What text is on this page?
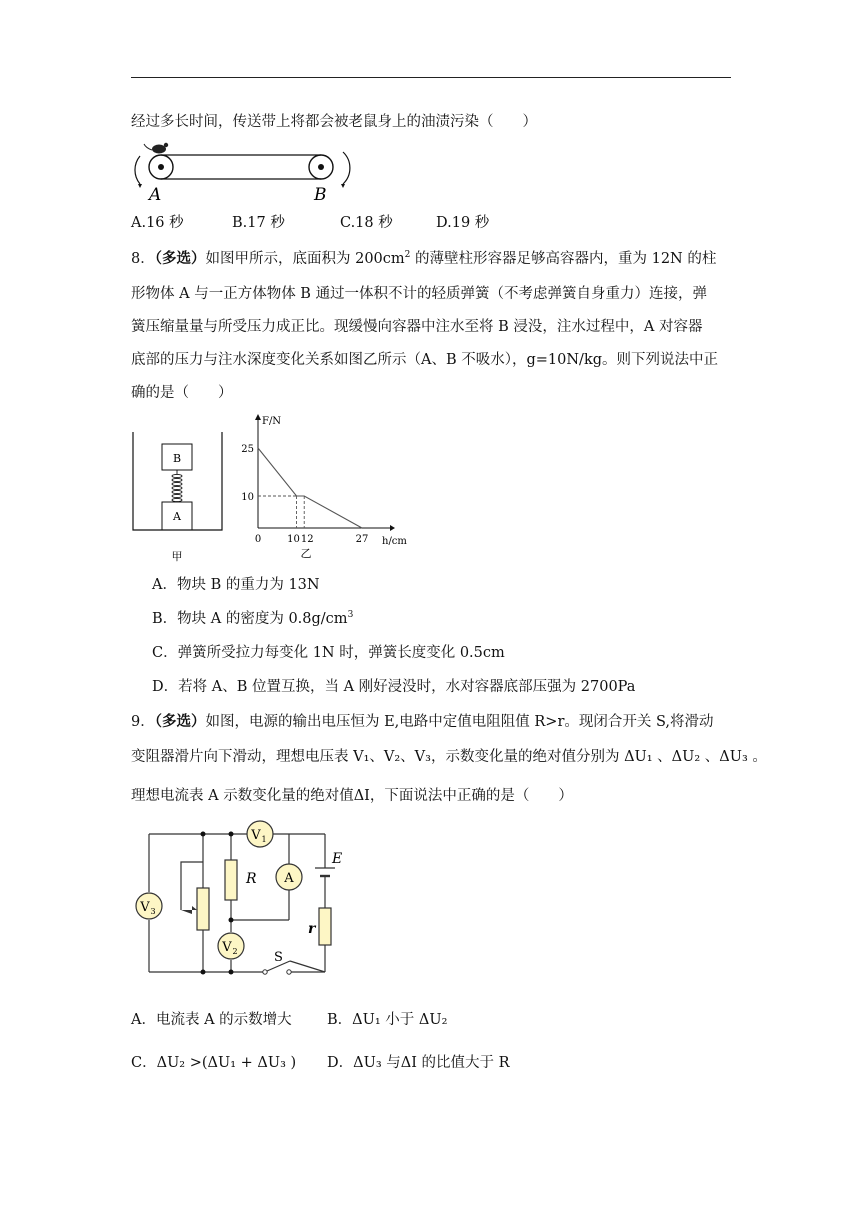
经过多长时间，传送带上将都会被老鼠身上的油渍污染（　　）
A	B
A.16 秒	B.17 秒	C.18 秒	D.19 秒
8．（多选）如图甲所示，底面积为 $200cm^2$ 的薄壁柱形容器足够高容器内，重为 12N 的柱
形物体 A 与一正方体物体 B 通过一体积不计的轻质弹簧（不考虑弹簧自身重力）连接，弹
簧压缩量量与所受压力成正比。现缓慢向容器中注水至将 B 浸没，注水过程中，A 对容器
底部的压力与注水深度变化关系如图乙所示（A、B 不吸水），g=10N/kg。则下列说法中正
确的是（　　）
B
A
甲
F/N
h/cm
25
10
0	10 12	27
乙
A．物块 B 的重力为 13N
B．物块 A 的密度为 $0.8g/cm^3$
C．弹簧所受拉力每变化 1N 时，弹簧长度变化 0.5cm
D．若将 A、B 位置互换，当 A 刚好浸没时，水对容器底部压强为 2700Pa
9．（多选）如图，电源的输出电压恒为 E,电路中定值电阻阻值 R>r。现闭合开关 S,将滑动
变阻器滑片向下滑动，理想电压表 V₁、V₂、V₃，示数变化量的绝对值分别为 ΔU₁ 、ΔU₂ 、ΔU₃ 。
理想电流表 A 示数变化量的绝对值ΔI，下面说法中正确的是（　　）
V 1
V 3
R A
E
r
V 2	S
A．电流表 A 的示数增大 B．ΔU₁ 小于 ΔU₂
C．ΔU₂ >(ΔU₁ + ΔU₃ ) D．ΔU₃ 与ΔI 的比值大于 R
